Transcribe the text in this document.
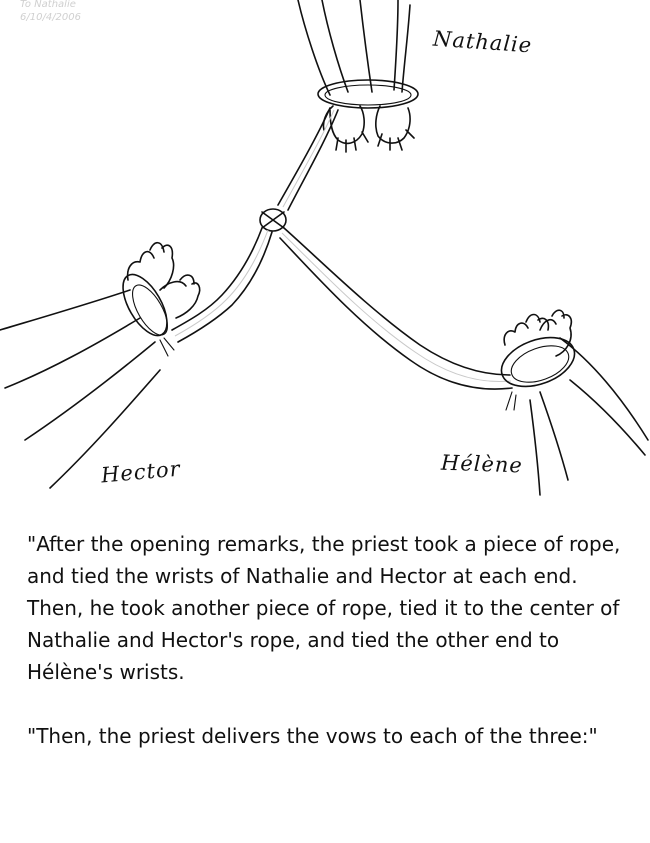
To Nathalie
6/10/4/2006
Nathalie
Hector	Hélène

"After the opening remarks, the priest took a piece of rope, and tied the wrists of Nathalie and Hector at each end. Then, he took another piece of rope, tied it to the center of Nathalie and Hector's rope, and tied the other end to Hélène's wrists.

"Then, the priest delivers the vows to each of the three:"
